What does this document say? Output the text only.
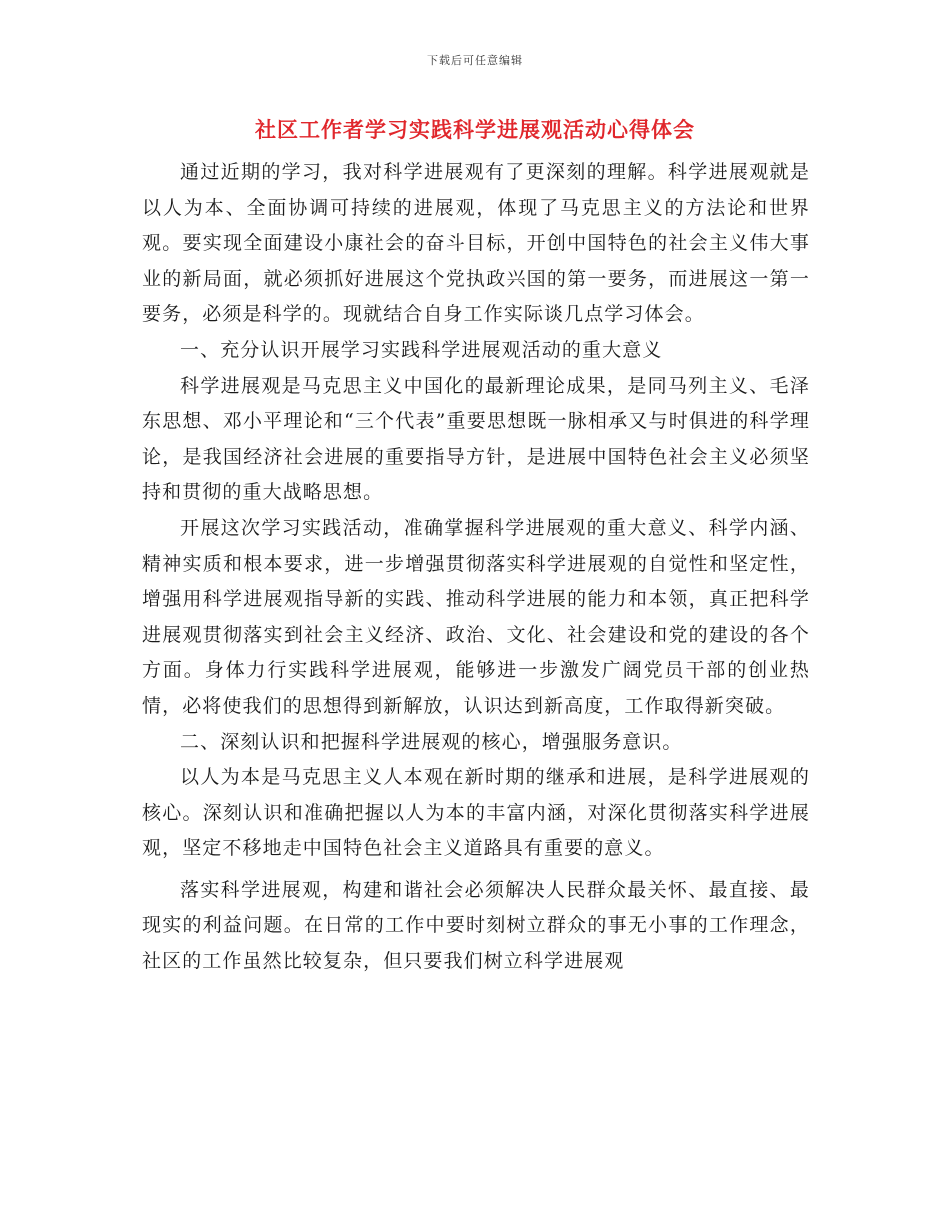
下载后可任意编辑
社区工作者学习实践科学进展观活动心得体会

通过近期的学习，我对科学进展观有了更深刻的理解。科学进展观就是以人为本、全面协调可持续的进展观，体现了马克思主义的方法论和世界观。要实现全面建设小康社会的奋斗目标，开创中国特色的社会主义伟大事业的新局面，就必须抓好进展这个党执政兴国的第一要务，而进展这一第一要务，必须是科学的。现就结合自身工作实际谈几点学习体会。

一、充分认识开展学习实践科学进展观活动的重大意义

科学进展观是马克思主义中国化的最新理论成果，是同马列主义、毛泽东思想、邓小平理论和“三个代表”重要思想既一脉相承又与时俱进的科学理论，是我国经济社会进展的重要指导方针，是进展中国特色社会主义必须坚持和贯彻的重大战略思想。

开展这次学习实践活动，准确掌握科学进展观的重大意义、科学内涵、精神实质和根本要求，进一步增强贯彻落实科学进展观的自觉性和坚定性，增强用科学进展观指导新的实践、推动科学进展的能力和本领，真正把科学进展观贯彻落实到社会主义经济、政治、文化、社会建设和党的建设的各个方面。身体力行实践科学进展观，能够进一步激发广阔党员干部的创业热情，必将使我们的思想得到新解放，认识达到新高度，工作取得新突破。

二、深刻认识和把握科学进展观的核心，增强服务意识。

以人为本是马克思主义人本观在新时期的继承和进展，是科学进展观的核心。深刻认识和准确把握以人为本的丰富内涵，对深化贯彻落实科学进展观，坚定不移地走中国特色社会主义道路具有重要的意义。

落实科学进展观，构建和谐社会必须解决人民群众最关怀、最直接、最现实的利益问题。在日常的工作中要时刻树立群众的事无小事的工作理念，社区的工作虽然比较复杂，但只要我们树立科学进展观
